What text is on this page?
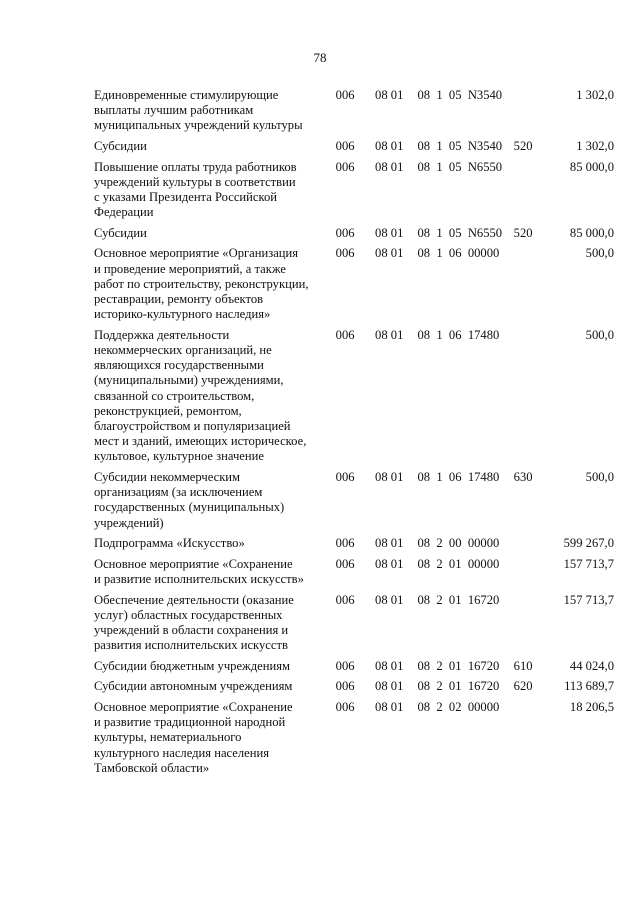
78
Единовременные стимулирующие
выплаты лучшим работникам
муниципальных учреждений культуры
006	08 01	08  1  05  N3540	1 302,0
Субсидии	006	08 01	08  1  05  N3540 520	1 302,0
Повышение оплаты труда работников
учреждений культуры в соответствии
с указами Президента Российской
Федерации
006	08 01	08  1  05  N6550	85 000,0
Субсидии	006	08 01	08  1  05  N6550 520	85 000,0
Основное мероприятие «Организация
и проведение мероприятий, а также
работ по строительству, реконструкции,
реставрации, ремонту объектов
историко-культурного наследия»
006	08 01	08  1  06  00000	500,0
Поддержка деятельности
некоммерческих организаций, не
являющихся государственными
(муниципальными) учреждениями,
связанной со строительством,
реконструкцией, ремонтом,
благоустройством и популяризацией
мест и зданий, имеющих историческое,
культовое, культурное значение
006	08 01	08  1  06  17480	500,0
Субсидии некоммерческим
организациям (за исключением
государственных (муниципальных)
учреждений)
006	08 01	08  1  06  17480	630	500,0
Подпрограмма «Искусство»	006	08 01	08  2  00  00000	599 267,0
Основное мероприятие «Сохранение
и развитие исполнительских искусств»
006	08 01	08  2  01  00000	157 713,7
Обеспечение деятельности (оказание
услуг) областных государственных
учреждений в области сохранения и
развития исполнительских искусств
006	08 01	08  2  01  16720	157 713,7
Субсидии бюджетным учреждениям	006	08 01	08  2  01  16720	610	44 024,0
Субсидии автономным учреждениям	006	08 01	08  2  01  16720	620	113 689,7
Основное мероприятие «Сохранение
и развитие традиционной народной
культуры, нематериального
культурного наследия населения
Тамбовской области»
006	08 01	08  2  02  00000	18 206,5
